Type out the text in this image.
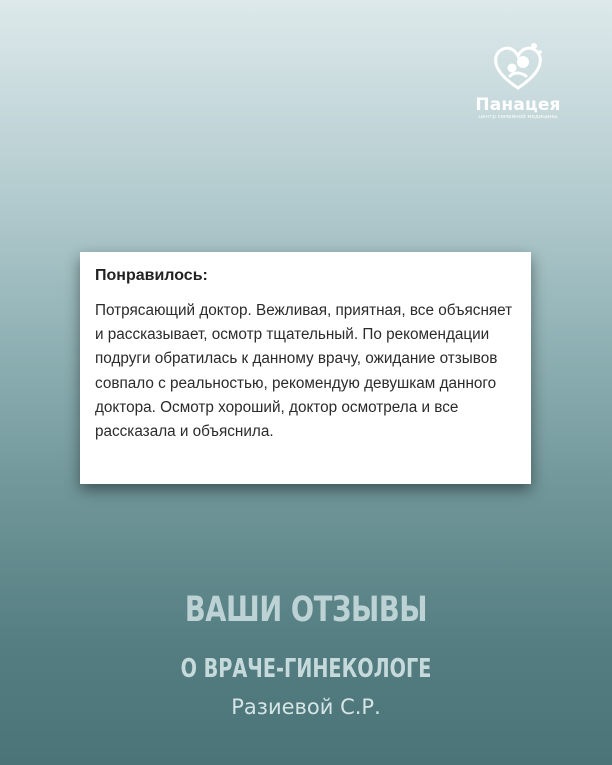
Панацея
центр семейной медицины

Понравилось:

Потрясающий доктор. Вежливая, приятная, все объясняет и рассказывает, осмотр тщательный. По рекомендации подруги обратилась к данному врачу, ожидание отзывов совпало с реальностью, рекомендую девушкам данного доктора. Осмотр хороший, доктор осмотрела и все рассказала и объяснила.

ВАШИ ОТЗЫВЫ
О ВРАЧЕ-ГИНЕКОЛОГЕ
Разиевой С.Р.
